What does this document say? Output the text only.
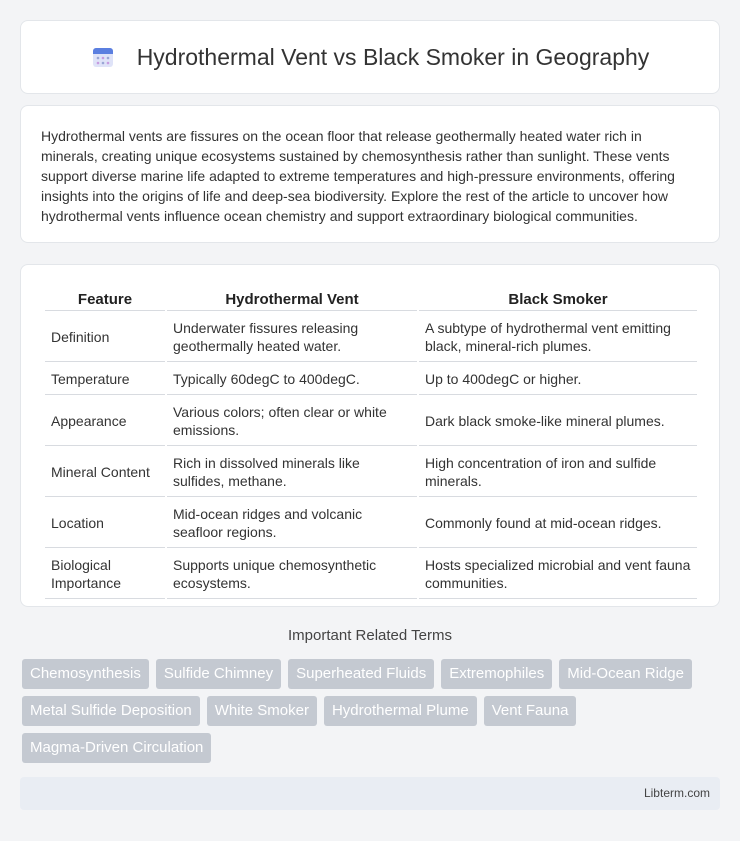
Hydrothermal Vent vs Black Smoker in Geography

Hydrothermal vents are fissures on the ocean floor that release geothermally heated water rich in minerals, creating unique ecosystems sustained by chemosynthesis rather than sunlight. These vents support diverse marine life adapted to extreme temperatures and high-pressure environments, offering insights into the origins of life and deep-sea biodiversity. Explore the rest of the article to uncover how hydrothermal vents influence ocean chemistry and support extraordinary biological communities.

Feature	Hydrothermal Vent	Black Smoker
Definition	Underwater fissures releasing geothermally heated water.	A subtype of hydrothermal vent emitting black, mineral-rich plumes.
Temperature	Typically 60degC to 400degC.	Up to 400degC or higher.
Appearance	Various colors; often clear or white emissions.	Dark black smoke-like mineral plumes.
Mineral Content	Rich in dissolved minerals like sulfides, methane.	High concentration of iron and sulfide minerals.
Location	Mid-ocean ridges and volcanic seafloor regions.	Commonly found at mid-ocean ridges.
Biological Importance	Supports unique chemosynthetic ecosystems.	Hosts specialized microbial and vent fauna communities.
Important Related Terms
Chemosynthesis	Sulfide Chimney	Superheated Fluids	Extremophiles	Mid-Ocean Ridge
Metal Sulfide Deposition	White Smoker	Hydrothermal Plume	Vent Fauna
Magma-Driven Circulation
Libterm.com
